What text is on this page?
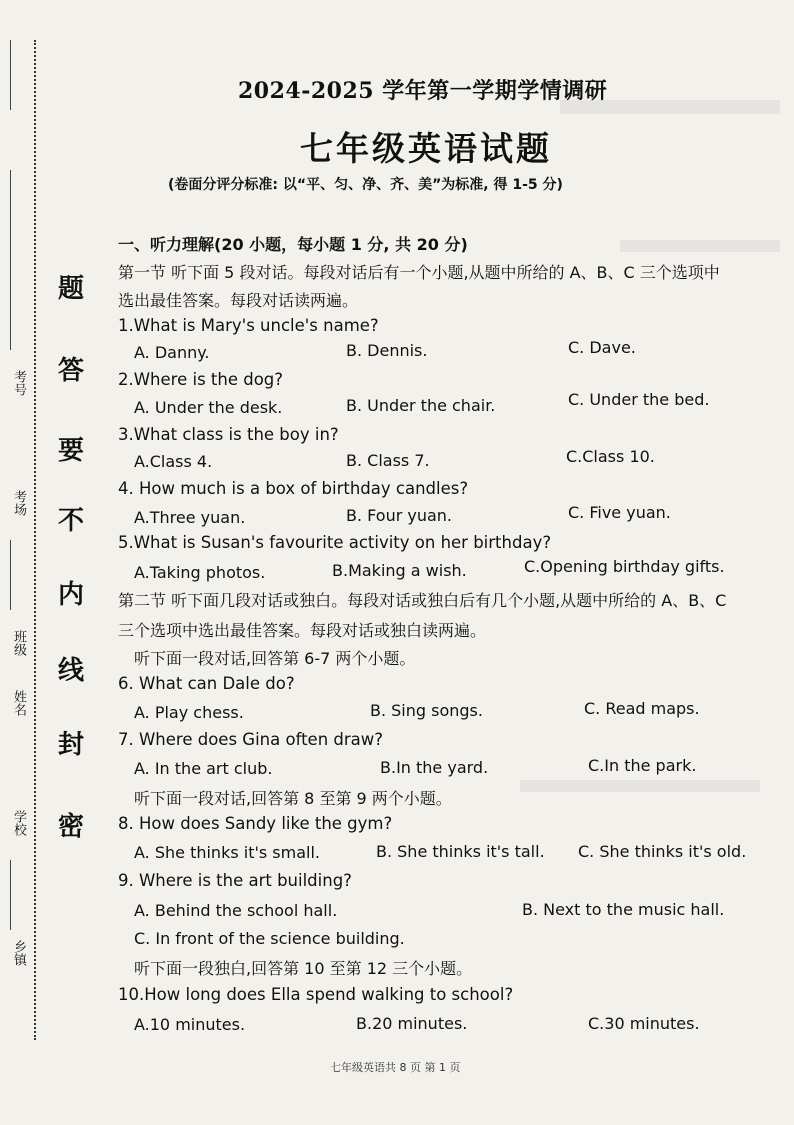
考号
考场
班级
姓名
学校
乡镇
题
答
要
不
内
线
封
密
2024-2025 学年第一学期学情调研
七年级英语试题
(卷面分评分标准: 以“平、匀、净、齐、美”为标准, 得 1-5 分)
一、听力理解(20 小题，每小题 1 分, 共 20 分)
第一节 听下面 5 段对话。每段对话后有一个小题,从题中所给的 A、B、C 三个选项中
选出最佳答案。每段对话读两遍。
1.What is Mary's uncle's name?
A. Danny.	B. Dennis.	C. Dave.
2.Where is the dog?
A. Under the desk.	B. Under the chair.	C. Under the bed.
3.What class is the boy in?
A.Class 4.	B. Class 7.	C.Class 10.
4. How much is a box of birthday candles?
A.Three yuan.	B. Four yuan.	C. Five yuan.
5.What is Susan's favourite activity on her birthday?
A.Taking photos.	B.Making a wish.	C.Opening birthday gifts.
第二节 听下面几段对话或独白。每段对话或独白后有几个小题,从题中所给的 A、B、C
三个选项中选出最佳答案。每段对话或独白读两遍。
听下面一段对话,回答第 6-7 两个小题。
6. What can Dale do?
A. Play chess.	B. Sing songs.	C. Read maps.
7. Where does Gina often draw?
A. In the art club.	B.In the yard.	C.In the park.
听下面一段对话,回答第 8 至第 9 两个小题。
8. How does Sandy like the gym?
A. She thinks it's small.	B. She thinks it's tall. C. She thinks it's old.
9. Where is the art building?
A. Behind the school hall.	B. Next to the music hall.
C. In front of the science building.
听下面一段独白,回答第 10 至第 12 三个小题。
10.How long does Ella spend walking to school?
A.10 minutes.	B.20 minutes.	C.30 minutes.
七年级英语共 8 页 第 1 页
